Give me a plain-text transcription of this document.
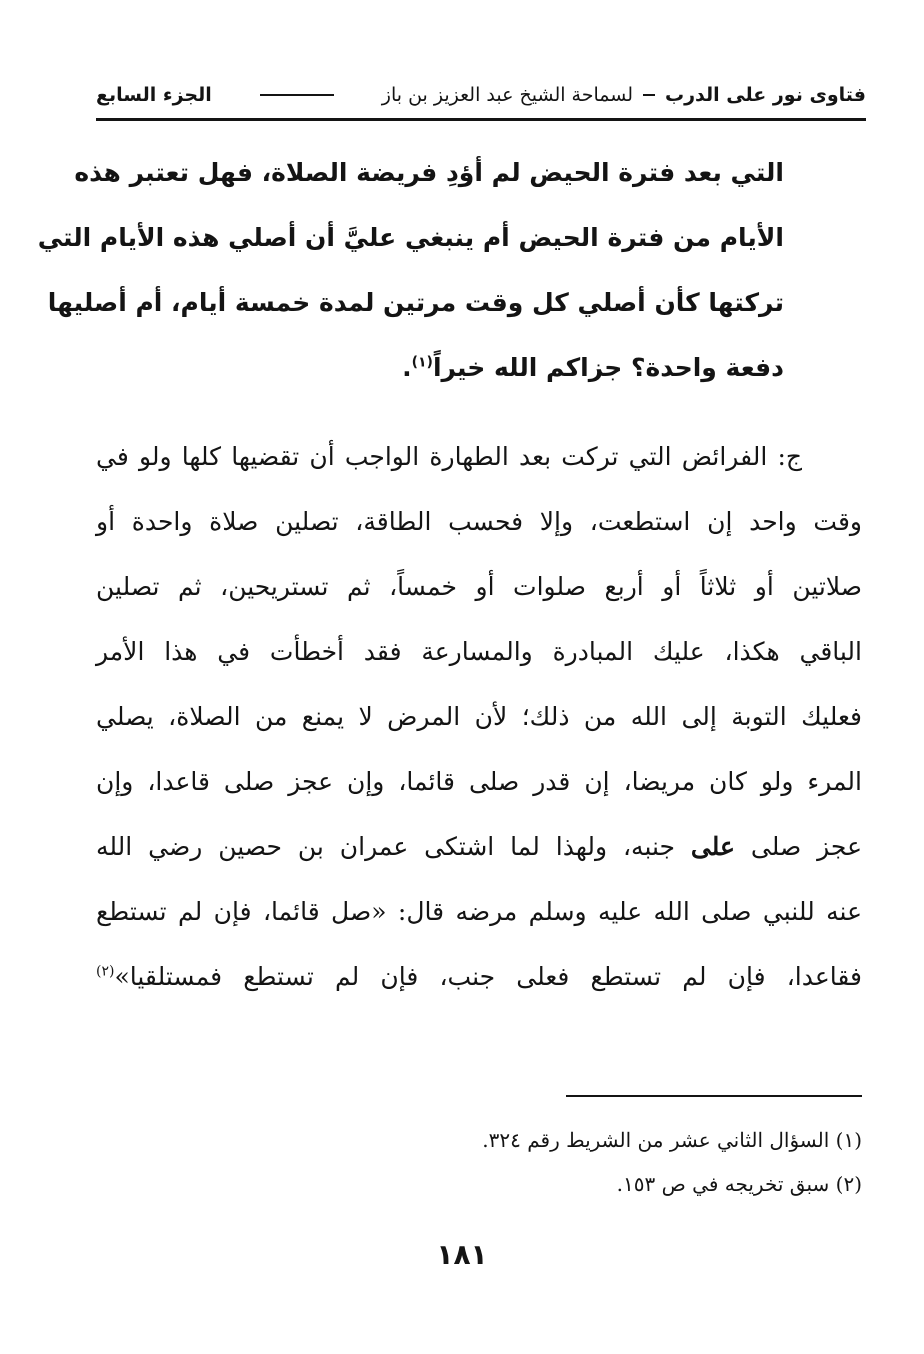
فتاوى نور على الدرب
لسماحة الشيخ عبد العزيز بن باز
الجزء السابع
التي بعد فترة الحيض لم أؤدِ فريضة الصلاة، فهل تعتبر هذه
الأيام من فترة الحيض أم ينبغي عليَّ أن أصلي هذه الأيام التي
تركتها كأن أصلي كل وقت مرتين لمدة خمسة أيام، أم أصليها
دفعة واحدة؟ جزاكم الله خيراً$^{(١)}$.
ج: الفرائض التي تركت بعد الطهارة الواجب أن تقضيها كلها ولو في
وقت واحد إن استطعت، وإلا فحسب الطاقة، تصلين صلاة واحدة أو
صلاتين أو ثلاثاً أو أربع صلوات أو خمساً، ثم تستريحين، ثم تصلين
الباقي هكذا، عليك المبادرة والمسارعة فقد أخطأت في هذا الأمر
فعليك التوبة إلى الله من ذلك؛ لأن المرض لا يمنع من الصلاة، يصلي
المرء ولو كان مريضا، إن قدر صلى قائما، وإن عجز صلى قاعدا، وإن
عجز صلى على جنبه، ولهذا لما اشتكى عمران بن حصين رضي الله
عنه للنبي صلى الله عليه وسلم مرضه قال: «صل قائما، فإن لم تستطع
فقاعدا، فإن لم تستطع فعلى جنب، فإن لم تستطع فمستلقيا»$^{(٢)}$
(١) السؤال الثاني عشر من الشريط رقم ٣٢٤.
(٢) سبق تخريجه في ص ١٥٣.
١٨١
